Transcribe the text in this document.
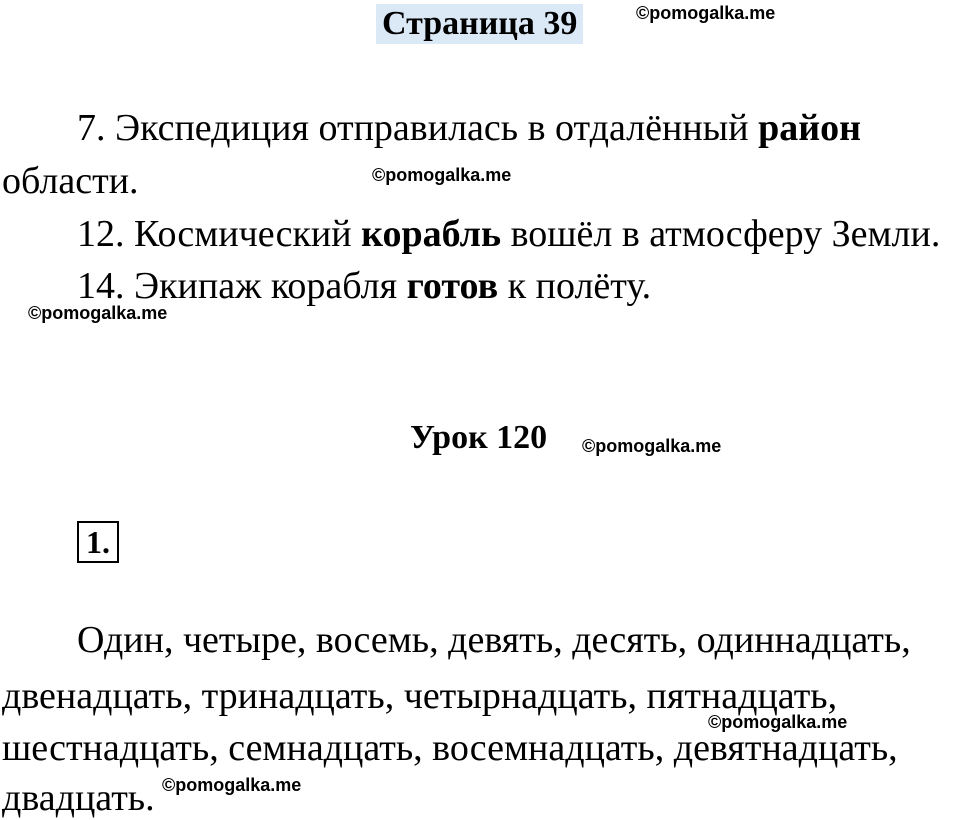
Страница 39	©pomogalka.me
7. Экспедиция отправилась в отдалённый район
области.	©pomogalka.me
12. Космический корабль вошёл в атмосферу Земли.
14. Экипаж корабля готов к полёту.
©pomogalka.me
Урок 120 ©pomogalka.me
1.
Один, четыре, восемь, девять, десять, одиннадцать,
двенадцать, тринадцать, четырнадцать, пятнадцать,
©pomogalka.me
шестнадцать, семнадцать, восемнадцать, девятнадцать,
двадцать. ©pomogalka.me
